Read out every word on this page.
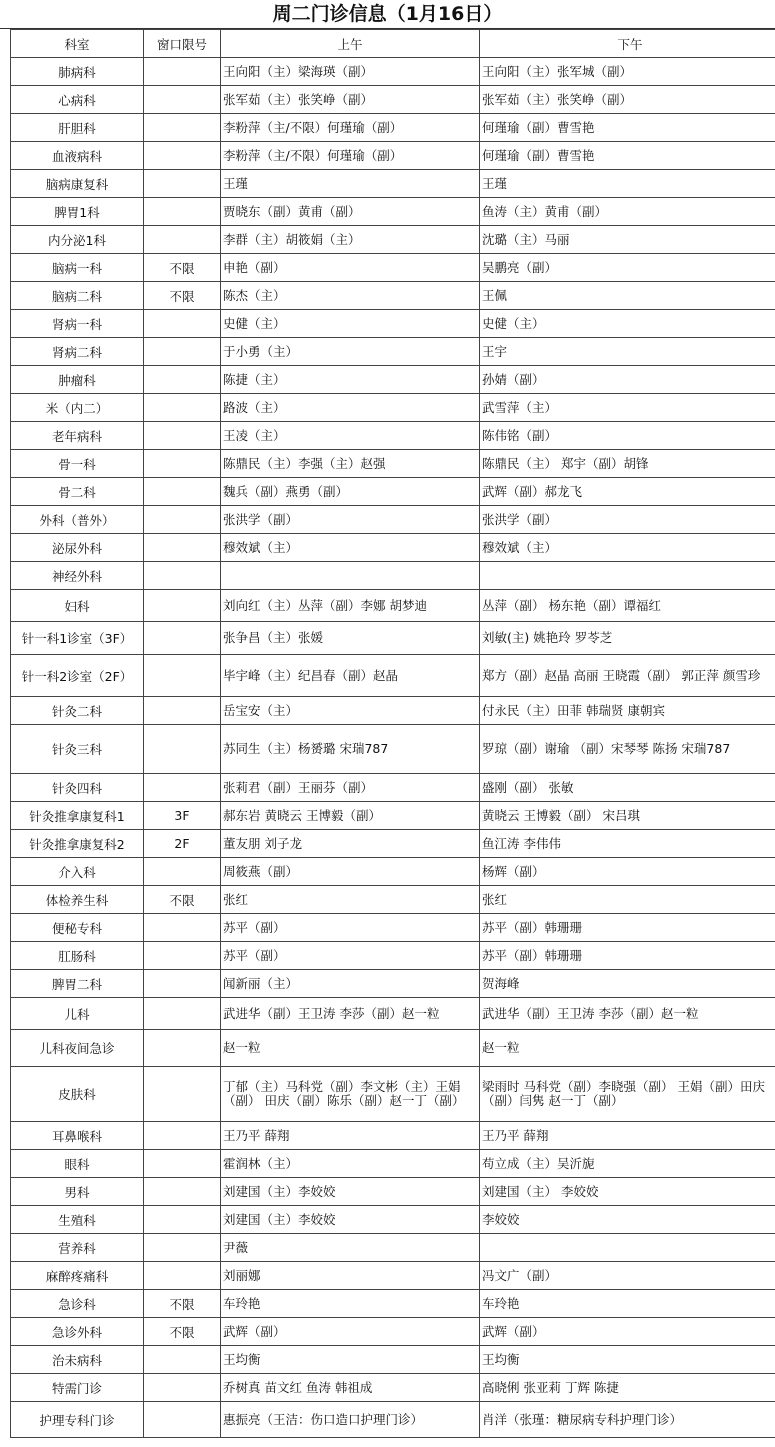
周二门诊信息（1月16日）
科室	窗口限号	上午	下午
肺病科		王向阳（主）梁海瑛（副）	王向阳（主）张军城（副）
心病科		张军茹（主）张笑峥（副）	张军茹（主）张笑峥（副）
肝胆科		李粉萍（主/不限）何瑾瑜（副）	何瑾瑜（副）曹雪艳
血液病科		李粉萍（主/不限）何瑾瑜（副）	何瑾瑜（副）曹雪艳
脑病康复科		王瑾	王瑾
脾胃1科		贾晓东（副）黄甫（副）	鱼涛（主）黄甫（副）
内分泌1科		李群（主）胡筱娟（主）	沈璐（主）马丽
脑病一科	不限	申艳（副）	吴鹏亮（副）
脑病二科	不限	陈杰（主）	王佩
肾病一科		史健（主）	史健（主）
肾病二科		于小勇（主）	王宇
肿瘤科		陈捷（主）	孙婧（副）
米（内二）		路波（主）	武雪萍（主）
老年病科		王凌（主）	陈伟铭（副）
骨一科		陈鼎民（主）李强（主）赵强	陈鼎民（主） 郑宇（副）胡锋
骨二科		魏兵（副）燕勇（副）	武辉（副）郝龙飞
外科（普外）		张洪学（副）	张洪学（副）
泌尿外科		穆效斌（主）	穆效斌（主）
神经外科			
妇科		刘向红（主）丛萍（副）李娜 胡梦迪	丛萍（副） 杨东艳（副）谭福红
针一科1诊室（3F）		张争昌（主）张媛	刘敏(主) 姚艳玲 罗苓芝
针一科2诊室（2F）		毕宇峰（主）纪昌春（副）赵晶	郑方（副）赵晶 高丽 王晓霞（副） 郭正萍 颜雪珍
针灸二科		岳宝安（主）	付永民（主）田菲 韩瑞贤 康朝宾
针灸三科		苏同生（主）杨赟璐 宋瑞787	罗琼（副）谢瑜 （副）宋琴琴 陈扬 宋瑞787
针灸四科		张莉君（副）王丽芬（副）	盛刚（副） 张敏
针灸推拿康复科1	3F	郝东岩 黄晓云 王博毅（副）	黄晓云 王博毅（副） 宋吕琪
针灸推拿康复科2	2F	董友朋 刘子龙	鱼江涛 李伟伟
介入科		周筱燕（副）	杨辉（副）
体检养生科	不限	张红	张红
便秘专科		苏平（副）	苏平（副）韩珊珊
肛肠科		苏平（副）	苏平（副）韩珊珊
脾胃二科		闻新丽（主）	贺海峰
儿科		武进华（副）王卫涛 李莎（副）赵一粒	武进华（副）王卫涛 李莎（副）赵一粒
儿科夜间急诊		赵一粒	赵一粒
皮肤科		丁郁（主）马科党（副）李文彬（主）王娟（副） 田庆（副）陈乐（副）赵一丁（副）	梁雨时 马科党（副）李晓强（副） 王娟（副）田庆（副）闫隽 赵一丁（副）
耳鼻喉科		王乃平 薛翔	王乃平 薛翔
眼科		霍润林（主）	苟立成（主）吴沂旎
男科		刘建国（主）李姣姣	刘建国（主） 李姣姣
生殖科		刘建国（主）李姣姣	李姣姣
营养科		尹薇	
麻醉疼痛科		刘丽娜	冯文广（副）
急诊科	不限	车玲艳	车玲艳
急诊外科	不限	武辉（副）	武辉（副）
治未病科		王均衡	王均衡
特需门诊		乔树真 苗文红 鱼涛 韩祖成	高晓俐 张亚莉 丁辉 陈捷
护理专科门诊		惠振亮（王洁：伤口造口护理门诊）	肖洋（张瑾：糖尿病专科护理门诊）
